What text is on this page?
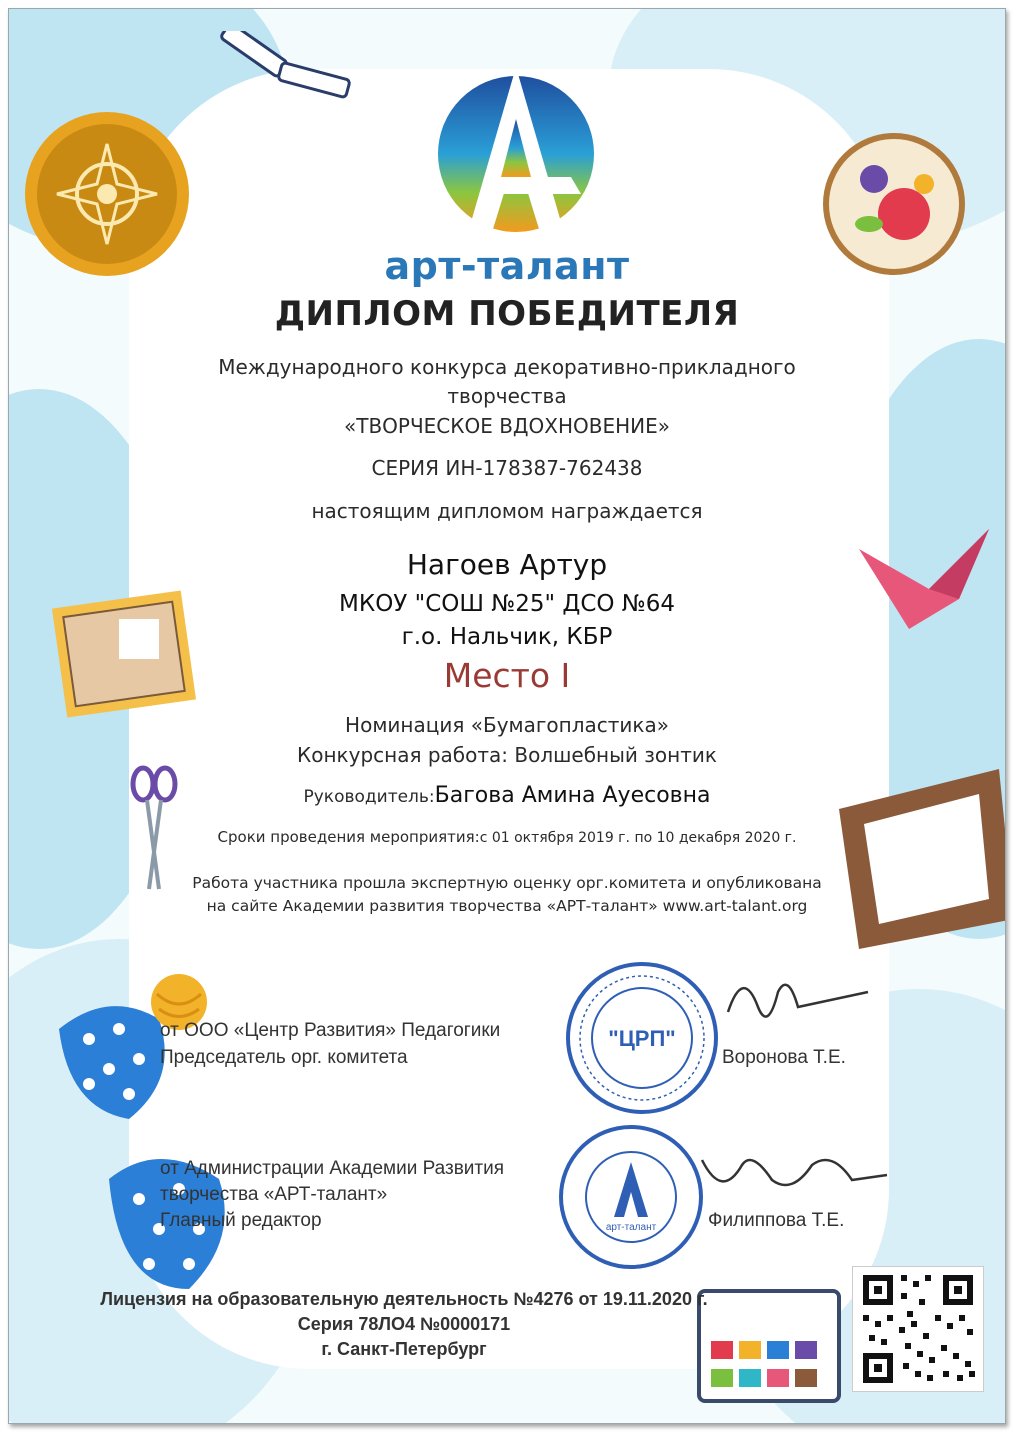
арт-талант
ДИПЛОМ ПОБЕДИТЕЛЯ
Международного конкурса декоративно-прикладного
творчества
«ТВОРЧЕСКОЕ ВДОХНОВЕНИЕ»
СЕРИЯ ИН-178387-762438
настоящим дипломом награждается
Нагоев Артур
МКОУ "СОШ №25" ДСО №64
г.о. Нальчик, КБР
Место I
Номинация «Бумагопластика»
Конкурсная работа: Волшебный зонтик
Руководитель:Багова Амина Ауесовна
Сроки проведения мероприятия:с 01 октября 2019 г. по 10 декабря 2020 г.
Работа участника прошла экспертную оценку орг.комитета и опубликована
на сайте Академии развития творчества «АРТ-талант» www.art-talant.org
от ООО «Центр Развития» Педагогики
Председатель орг. комитета
"ЦРП"
Воронова Т.Е.
от Администрации Академии Развития
творчества «АРТ-талант»
Главный редактор	арт-талант	Филиппова Т.Е.
Лицензия на образовательную деятельность №4276 от 19.11.2020 г.
Серия 78ЛО4 №0000171
г. Санкт-Петербург
